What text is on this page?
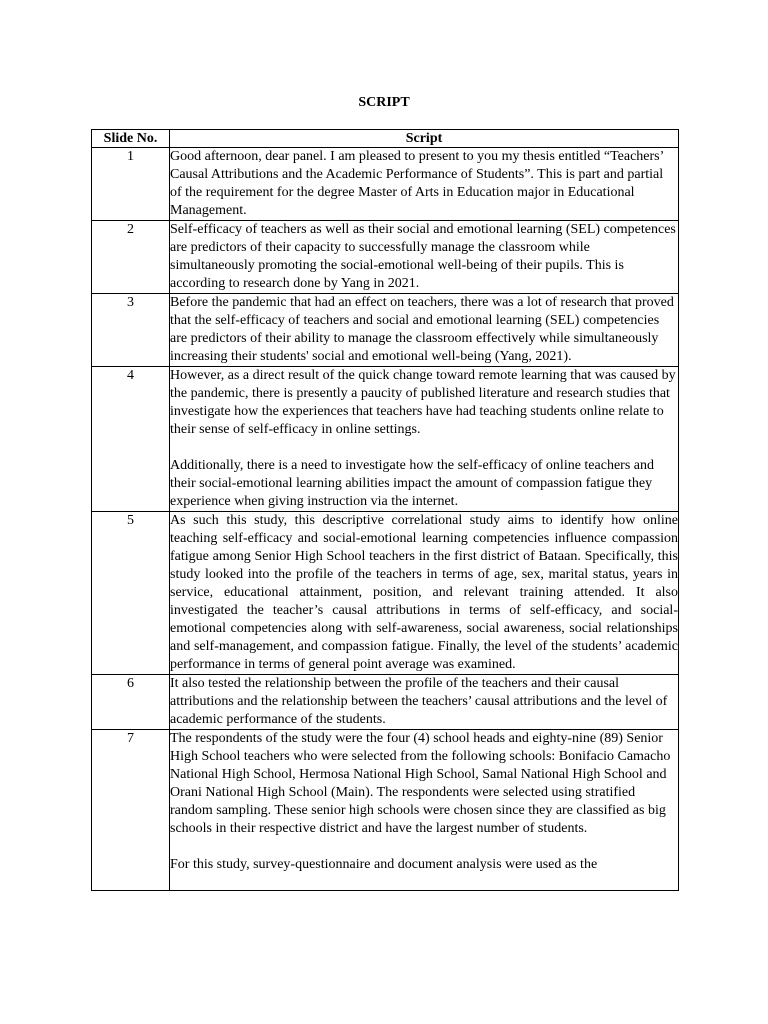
SCRIPT
Slide No.	Script
1	Good afternoon, dear panel. I am pleased to present to you my thesis entitled “Teachers’ Causal Attributions and the Academic Performance of Students”. This is part and partial of the requirement for the degree Master of Arts in Education major in Educational Management.

2	Self-efficacy of teachers as well as their social and emotional learning (SEL) competences are predictors of their capacity to successfully manage the classroom while simultaneously promoting the social-emotional well-being of their pupils. This is according to research done by Yang in 2021.

3	Before the pandemic that had an effect on teachers, there was a lot of research that proved that the self-efficacy of teachers and social and emotional learning (SEL) competencies are predictors of their ability to manage the classroom effectively while simultaneously increasing their students' social and emotional well-being (Yang, 2021).

4	However, as a direct result of the quick change toward remote learning that was caused by the pandemic, there is presently a paucity of published literature and research studies that investigate how the experiences that teachers have had teaching students online relate to their sense of self-efficacy in online settings.

Additionally, there is a need to investigate how the self-efficacy of online teachers and their social-emotional learning abilities impact the amount of compassion fatigue they experience when giving instruction via the internet.

5	As such this study, this descriptive correlational study aims to identify how online teaching self-efficacy and social-emotional learning competencies influence compassion fatigue among Senior High School teachers in the first district of Bataan. Specifically, this study looked into the profile of the teachers in terms of age, sex, marital status, years in service, educational attainment, position, and relevant training attended. It also investigated the teacher’s causal attributions in terms of self-efficacy, and social-emotional competencies along with self-awareness, social awareness, social relationships and self-management, and compassion fatigue. Finally, the level of the students’ academic performance in terms of general point average was examined.

6	It also tested the relationship between the profile of the teachers and their causal attributions and the relationship between the teachers’ causal attributions and the level of academic performance of the students.

7	The respondents of the study were the four (4) school heads and eighty-nine (89) Senior High School teachers who were selected from the following schools: Bonifacio Camacho National High School, Hermosa National High School, Samal National High School and Orani National High School (Main). The respondents were selected using stratified random sampling. These senior high schools were chosen since they are classified as big schools in their respective district and have the largest number of students.

For this study, survey-questionnaire and document analysis were used as the
